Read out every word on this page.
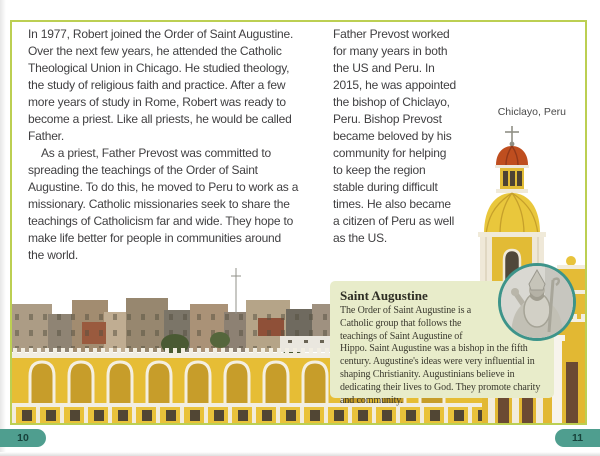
In 1977, Robert joined the Order of Saint Augustine. Over the next few years, he attended the Catholic Theological Union in Chicago. He studied theology, the study of religious faith and practice. After a few more years of study in Rome, Robert was ready to become a priest. Like all priests, he would be called Father.

As a priest, Father Prevost was committed to spreading the teachings of the Order of Saint Augustine. To do this, he moved to Peru to work as a missionary. Catholic missionaries seek to share the teachings of Catholicism far and wide. They hope to make life better for people in communities around the world.

Father Prevost worked for many years in both the US and Peru. In 2015, he was appointed the bishop of Chiclayo, Peru. Bishop Prevost became beloved by his community for helping to keep the region stable during difficult times. He also became a citizen of Peru as well as the US.

Chiclayo, Peru
Saint Augustine
The Order of Saint Augustine is a Catholic group that follows the teachings of Saint Augustine of Hippo. Saint Augustine was a bishop in the fifth century. Augustine's ideas were very influential in shaping Christianity. Augustinians believe in dedicating their lives to God. They promote charity and community.
10	11
